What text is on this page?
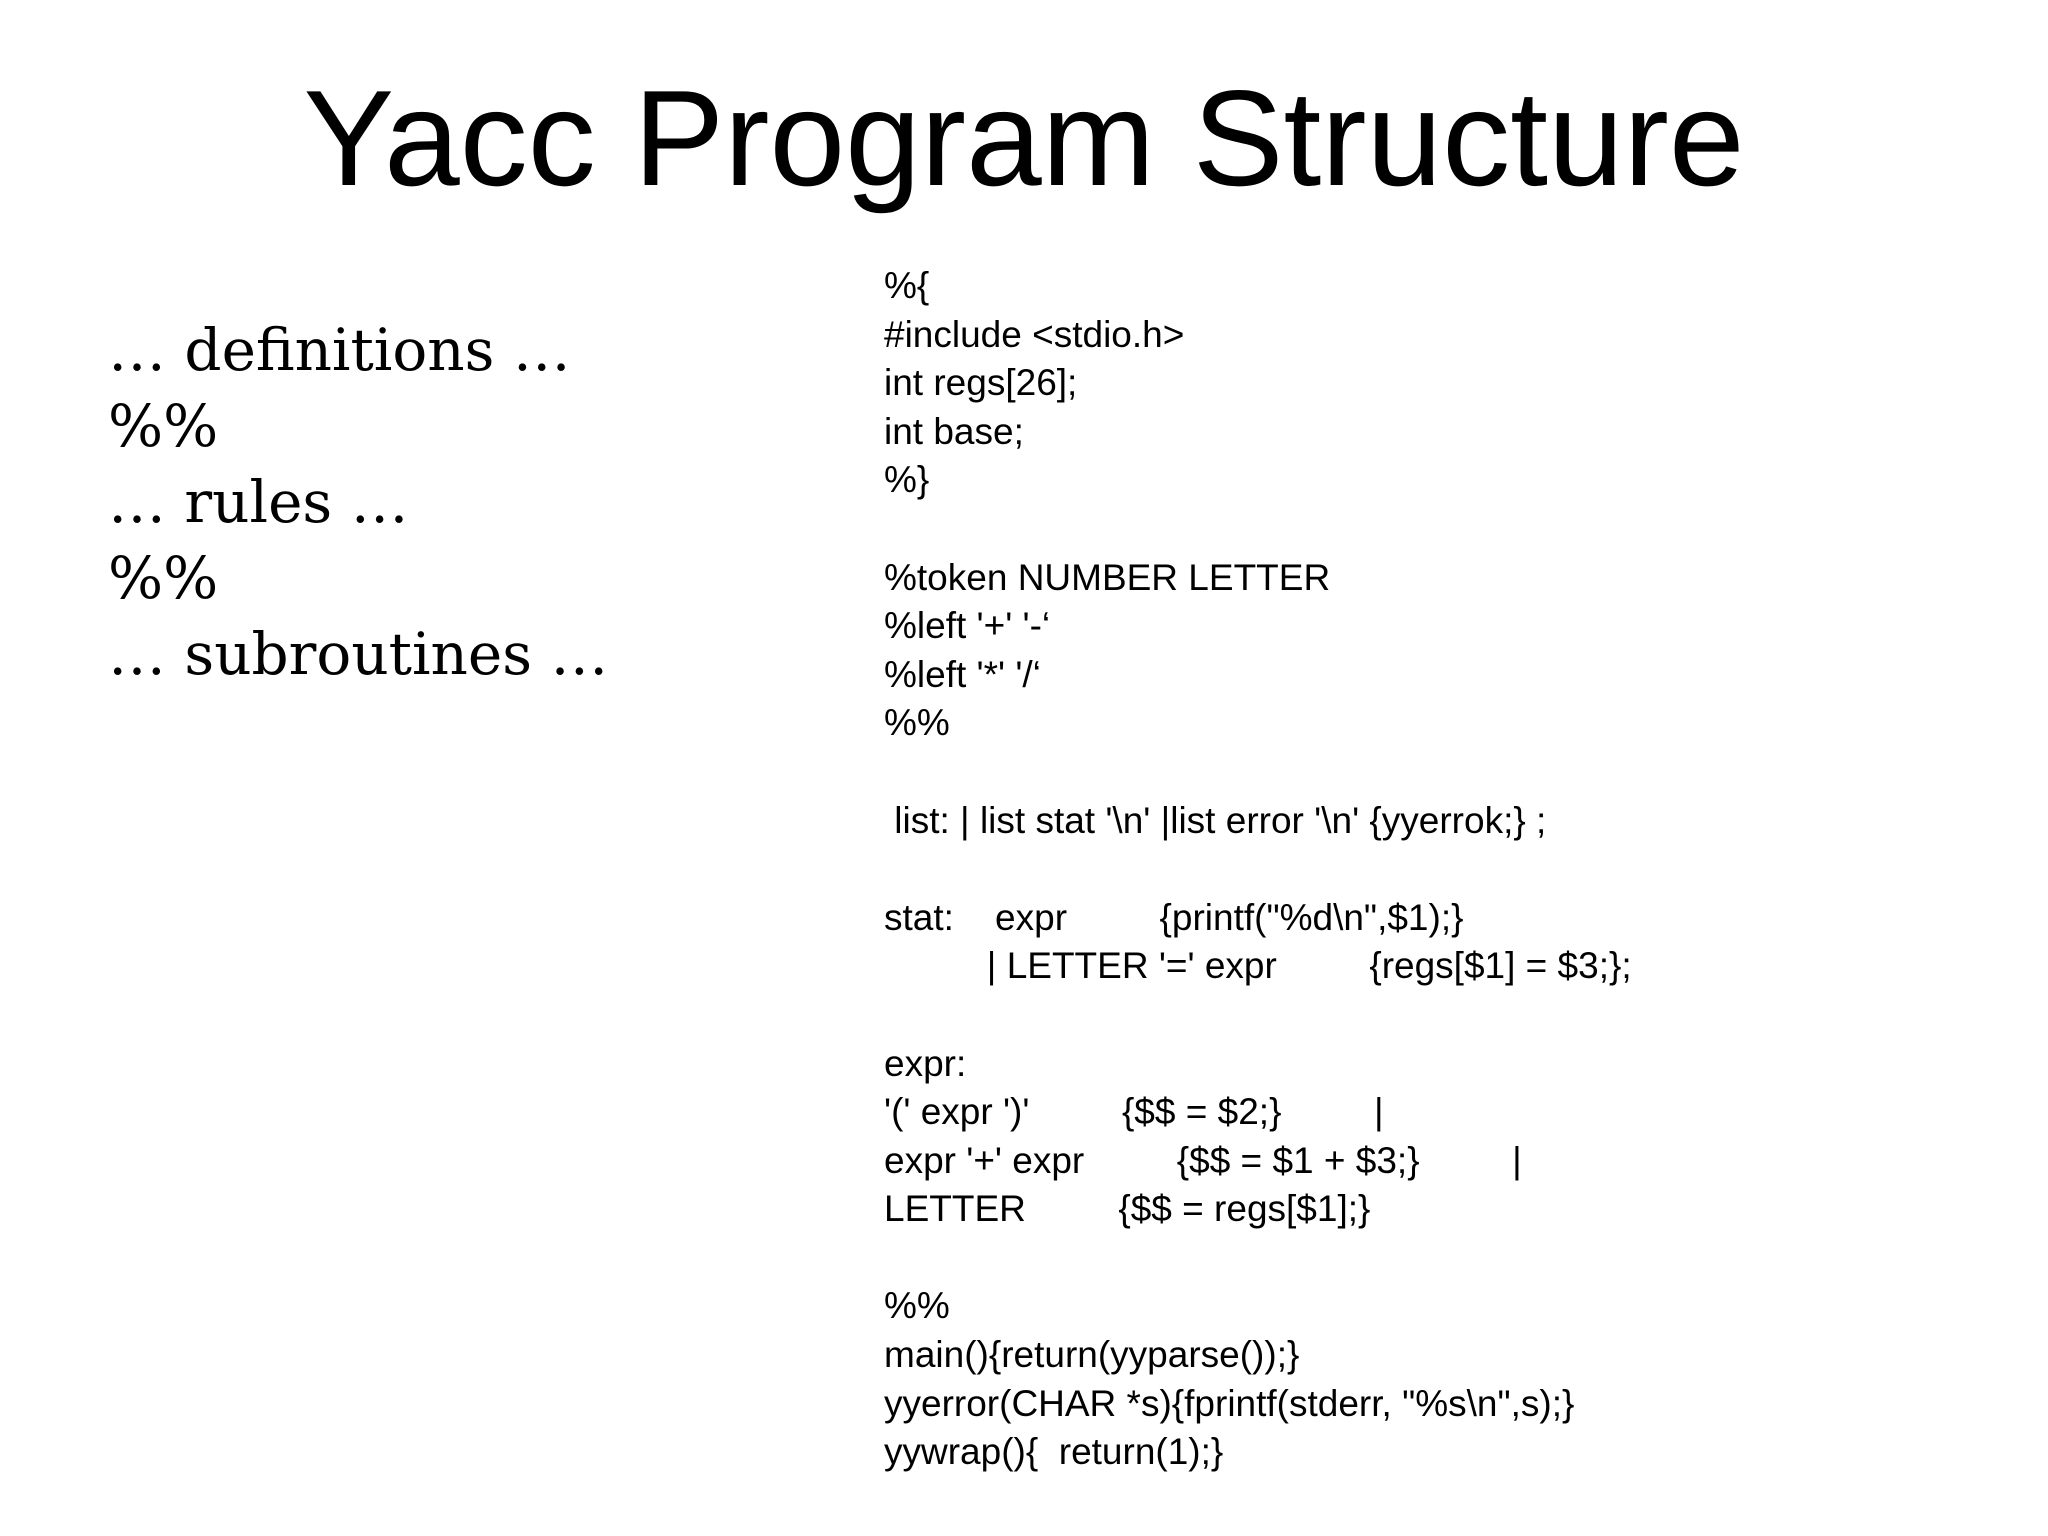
Yacc Program Structure
… definitions …
%%
… rules …
%%
… subroutines …
%{
#include <stdio.h>
int regs[26];
int base;
%}
%token NUMBER LETTER
%left '+' '-‘
%left '*' '/‘
%%
list: | list stat '\n' |list error '\n' {yyerrok;} ;
stat:    expr         {printf("%d\n",$1);}
| LETTER '=' expr         {regs[$1] = $3;};
expr:
'(' expr ')'         {$$ = $2;}         |
expr '+' expr         {$$ = $1 + $3;}         |
LETTER         {$$ = regs[$1];}
%%
main(){return(yyparse());}
yyerror(CHAR *s){fprintf(stderr, "%s\n",s);}
yywrap(){  return(1);}
